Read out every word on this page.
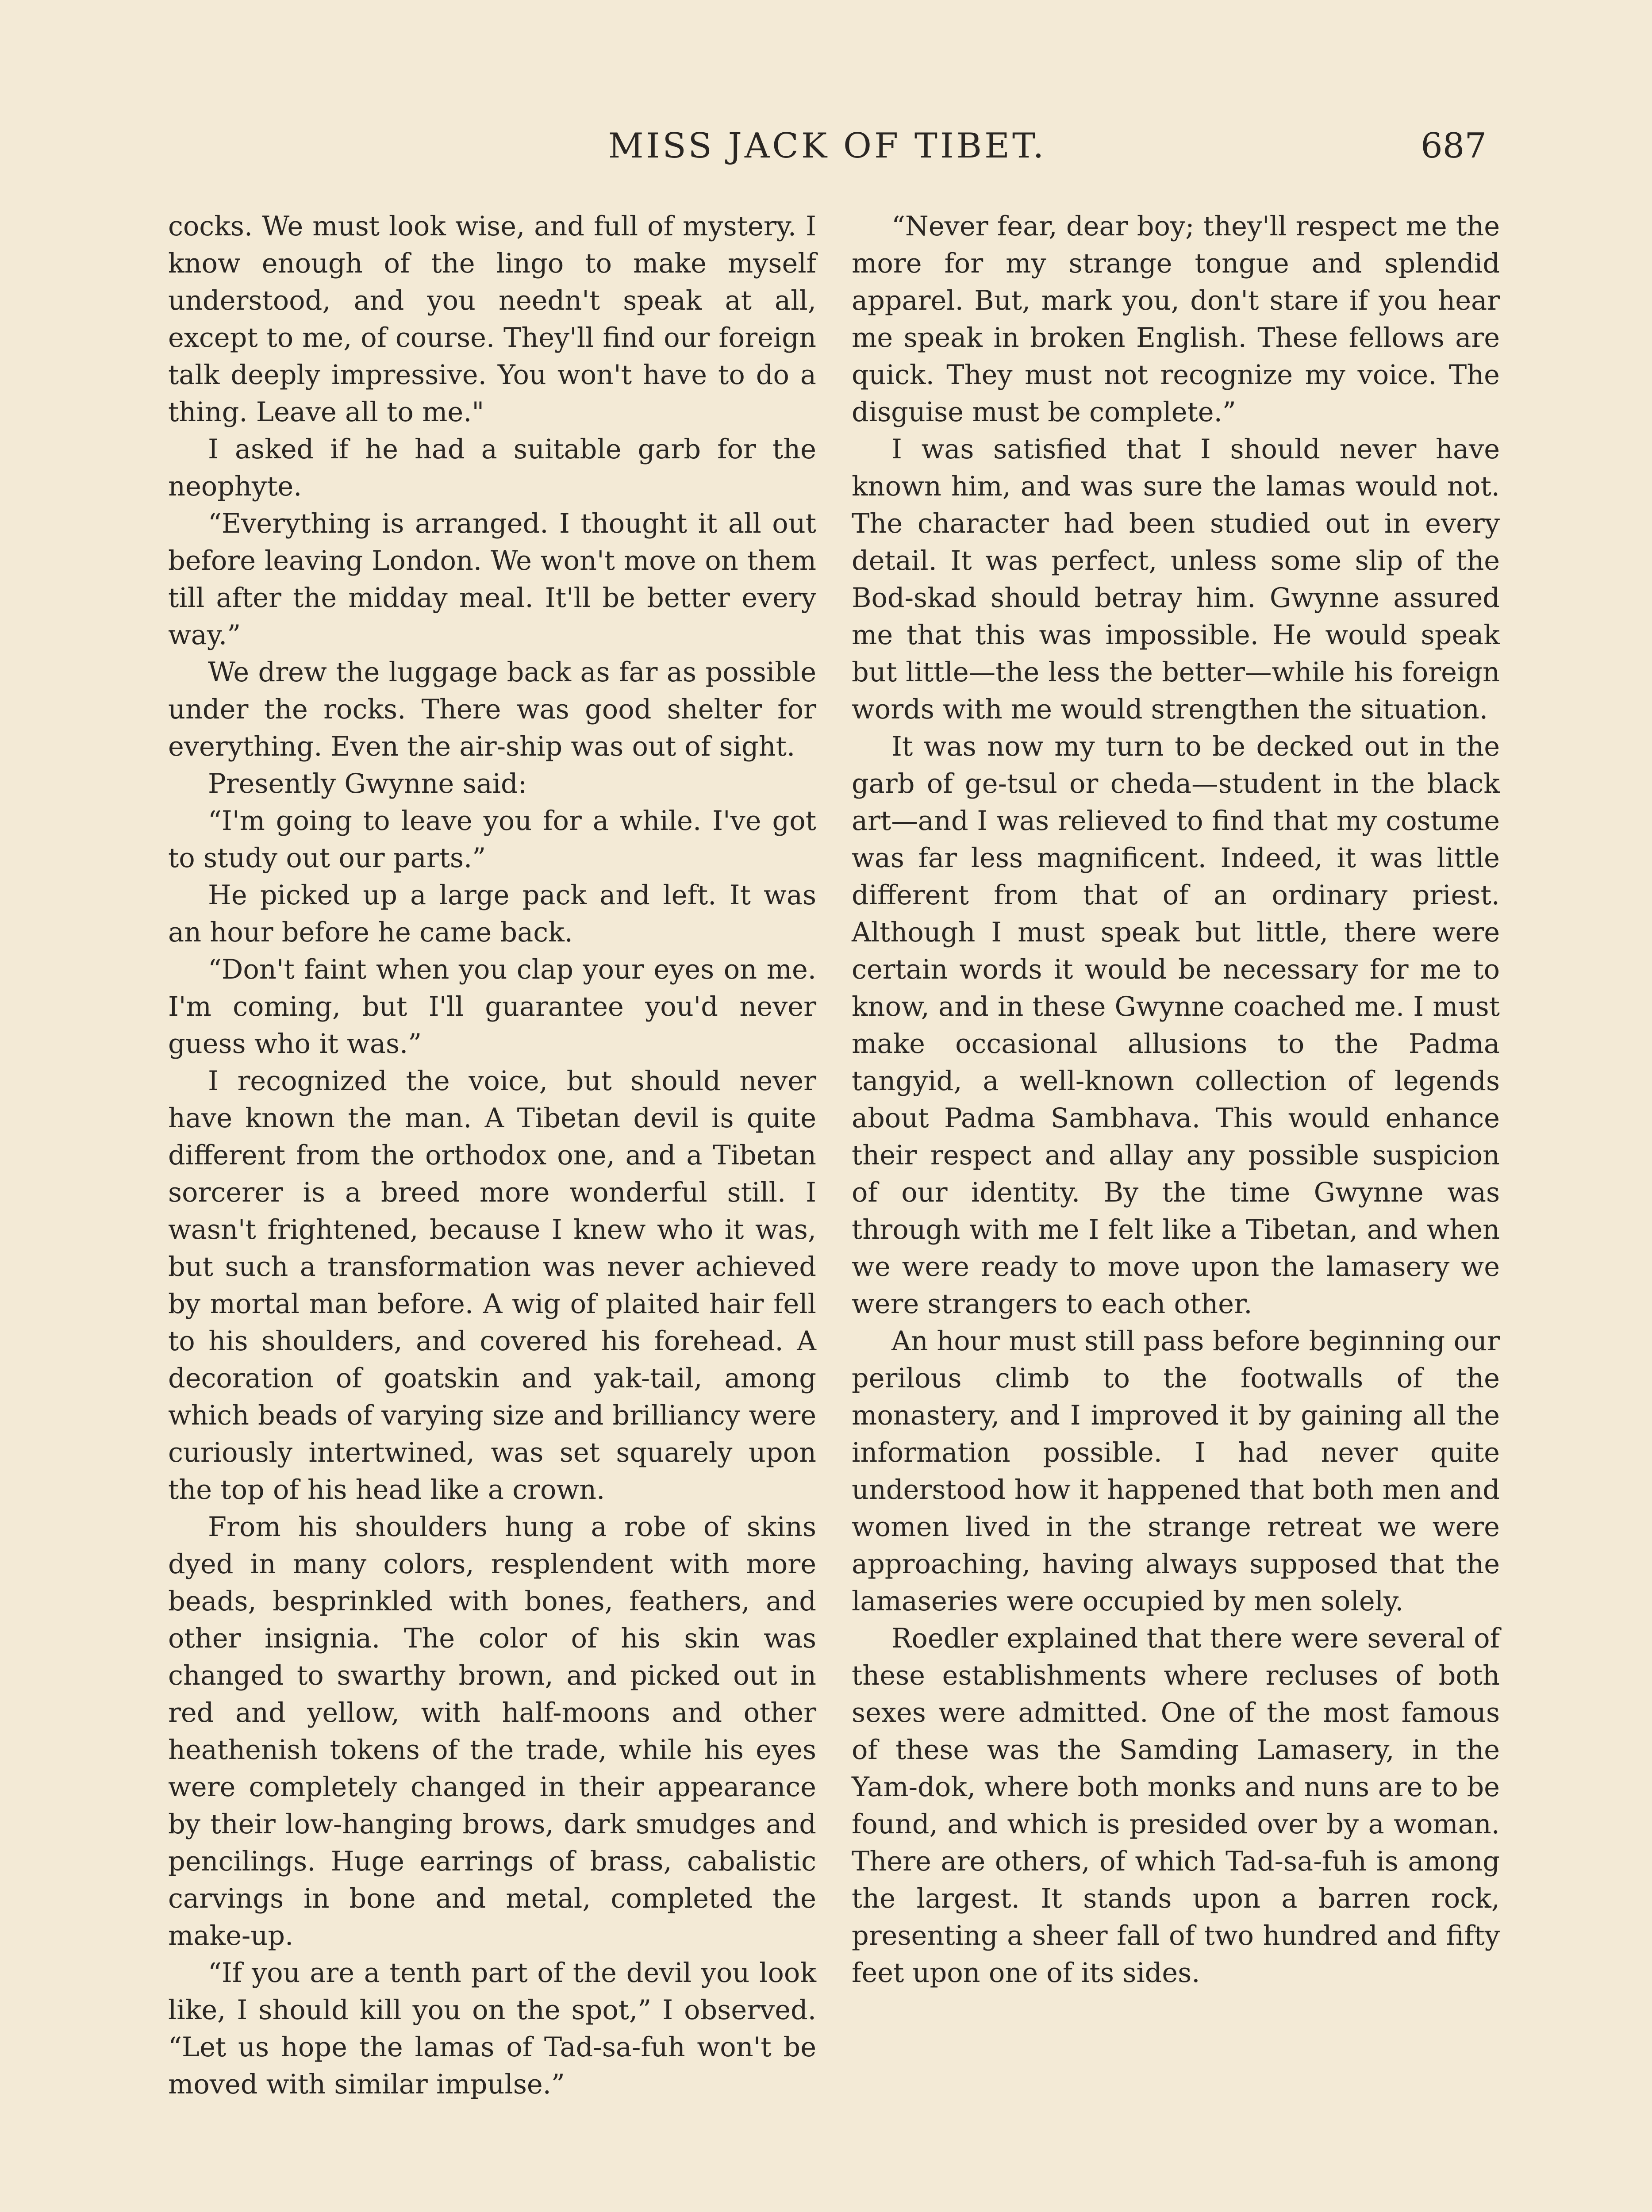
MISS JACK OF TIBET.	687

cocks. We must look wise, and full of mystery. I know enough of the lingo to make myself understood, and you needn't speak at all, except to me, of course. They'll find our foreign talk deeply impressive. You won't have to do a thing. Leave all to me."

I asked if he had a suitable garb for the neophyte.

“Everything is arranged. I thought it all out before leaving London. We won't move on them till after the midday meal. It'll be better every way.”

We drew the luggage back as far as possible under the rocks. There was good shelter for everything. Even the air-ship was out of sight.

Presently Gwynne said:

“I'm going to leave you for a while. I've got to study out our parts.”

He picked up a large pack and left. It was an hour before he came back.

“Don't faint when you clap your eyes on me. I'm coming, but I'll guarantee you'd never guess who it was.”

I recognized the voice, but should never have known the man. A Tibetan devil is quite different from the orthodox one, and a Tibetan sorcerer is a breed more wonderful still. I wasn't frightened, because I knew who it was, but such a transformation was never achieved by mortal man before. A wig of plaited hair fell to his shoulders, and covered his forehead. A decoration of goatskin and yak-tail, among which beads of varying size and brilliancy were curiously intertwined, was set squarely upon the top of his head like a crown.

From his shoulders hung a robe of skins dyed in many colors, resplendent with more beads, besprinkled with bones, feathers, and other insignia. The color of his skin was changed to swarthy brown, and picked out in red and yellow, with half-moons and other heathenish tokens of the trade, while his eyes were completely changed in their appearance by their low-hanging brows, dark smudges and pencilings. Huge earrings of brass, cabalistic carvings in bone and metal, completed the make-up.

“If you are a tenth part of the devil you look like, I should kill you on the spot,” I observed. “Let us hope the lamas of Tad-sa-fuh won't be moved with similar impulse.”

“Never fear, dear boy; they'll respect me the more for my strange tongue and splendid apparel. But, mark you, don't stare if you hear me speak in broken English. These fellows are quick. They must not recognize my voice. The disguise must be complete.”

I was satisfied that I should never have known him, and was sure the lamas would not. The character had been studied out in every detail. It was perfect, unless some slip of the Bod-skad should betray him. Gwynne assured me that this was impossible. He would speak but little—the less the better—while his foreign words with me would strengthen the situation.

It was now my turn to be decked out in the garb of ge-tsul or cheda—student in the black art—and I was relieved to find that my costume was far less magnificent. Indeed, it was little different from that of an ordinary priest. Although I must speak but little, there were certain words it would be necessary for me to know, and in these Gwynne coached me. I must make occasional allusions to the Padma tangyid, a well-known collection of legends about Padma Sambhava. This would enhance their respect and allay any possible suspicion of our identity. By the time Gwynne was through with me I felt like a Tibetan, and when we were ready to move upon the lamasery we were strangers to each other.

An hour must still pass before beginning our perilous climb to the footwalls of the monastery, and I improved it by gaining all the information possible. I had never quite understood how it happened that both men and women lived in the strange retreat we were approaching, having always supposed that the lamaseries were occupied by men solely.

Roedler explained that there were several of these establishments where recluses of both sexes were admitted. One of the most famous of these was the Samding Lamasery, in the Yam-dok, where both monks and nuns are to be found, and which is presided over by a woman. There are others, of which Tad-sa-fuh is among the largest. It stands upon a barren rock, presenting a sheer fall of two hundred and fifty feet upon one of its sides.
